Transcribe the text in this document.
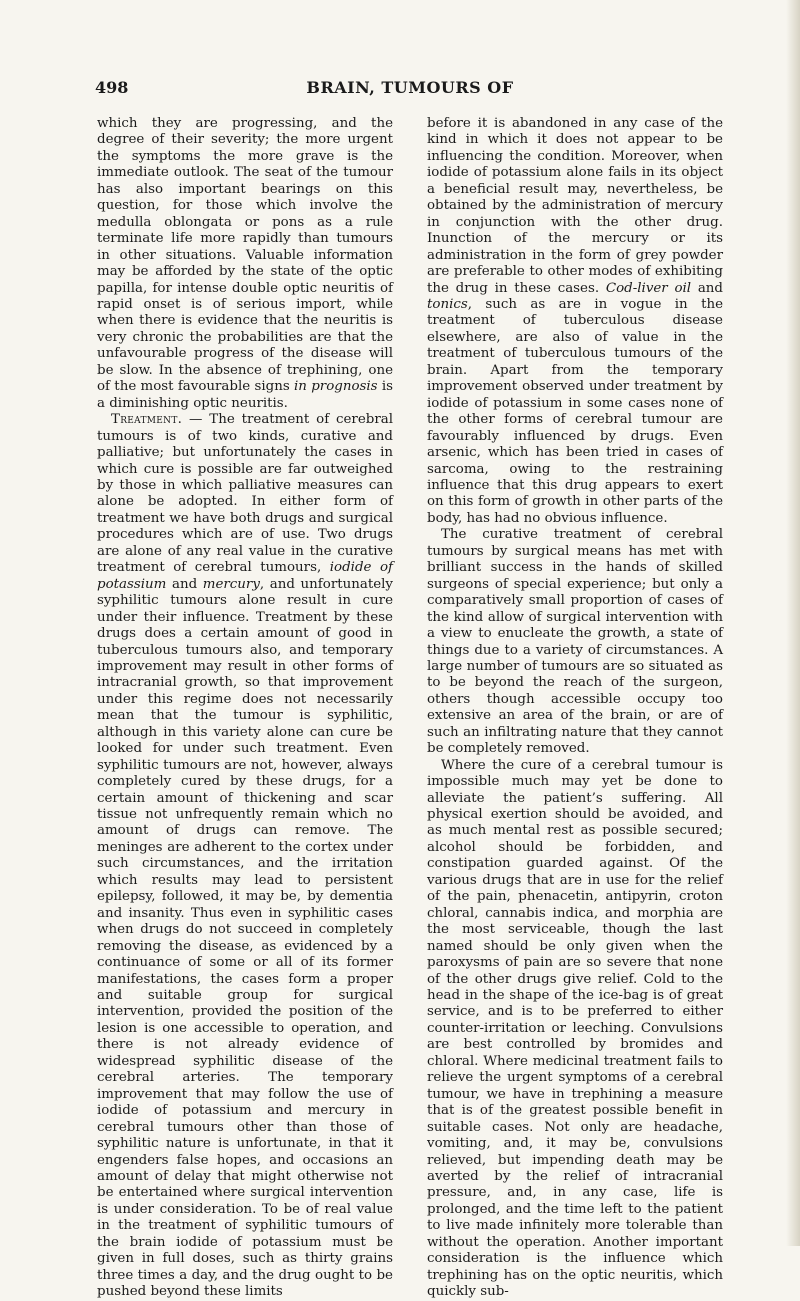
498	BRAIN, TUMOURS OF

which they are progressing, and the degree of their severity; the more urgent the symptoms the more grave is the immediate outlook. The seat of the tumour has also important bearings on this question, for those which involve the medulla oblongata or pons as a rule terminate life more rapidly than tumours in other situations. Valuable information may be afforded by the state of the optic papilla, for intense double optic neuritis of rapid onset is of serious import, while when there is evidence that the neuritis is very chronic the probabilities are that the unfavourable progress of the disease will be slow. In the absence of trephining, one of the most favourable signs in prognosis is a diminishing optic neuritis.

Treatment. — The treatment of cerebral tumours is of two kinds, curative and palliative; but unfortunately the cases in which cure is possible are far outweighed by those in which palliative measures can alone be adopted. In either form of treatment we have both drugs and surgical procedures which are of use. Two drugs are alone of any real value in the curative treatment of cerebral tumours, iodide of potassium and mercury, and unfortunately syphilitic tumours alone result in cure under their influence. Treatment by these drugs does a certain amount of good in tuberculous tumours also, and temporary improvement may result in other forms of intracranial growth, so that improvement under this regime does not necessarily mean that the tumour is syphilitic, although in this variety alone can cure be looked for under such treatment. Even syphilitic tumours are not, however, always completely cured by these drugs, for a certain amount of thickening and scar tissue not unfrequently remain which no amount of drugs can remove. The meninges are adherent to the cortex under such circumstances, and the irritation which results may lead to persistent epilepsy, followed, it may be, by dementia and insanity. Thus even in syphilitic cases when drugs do not succeed in completely removing the disease, as evidenced by a continuance of some or all of its former manifestations, the cases form a proper and suitable group for surgical intervention, provided the position of the lesion is one accessible to operation, and there is not already evidence of widespread syphilitic disease of the cerebral arteries. The temporary improvement that may follow the use of iodide of potassium and mercury in cerebral tumours other than those of syphilitic nature is unfortunate, in that it engenders false hopes, and occasions an amount of delay that might otherwise not be entertained where surgical intervention is under consideration. To be of real value in the treatment of syphilitic tumours of the brain iodide of potassium must be given in full doses, such as thirty grains three times a day, and the drug ought to be pushed beyond these limits

before it is abandoned in any case of the kind in which it does not appear to be influencing the condition. Moreover, when iodide of potassium alone fails in its object a beneficial result may, nevertheless, be obtained by the administration of mercury in conjunction with the other drug. Inunction of the mercury or its administration in the form of grey powder are preferable to other modes of exhibiting the drug in these cases. Cod-liver oil and tonics, such as are in vogue in the treatment of tuberculous disease elsewhere, are also of value in the treatment of tuberculous tumours of the brain. Apart from the temporary improvement observed under treatment by iodide of potassium in some cases none of the other forms of cerebral tumour are favourably influenced by drugs. Even arsenic, which has been tried in cases of sarcoma, owing to the restraining influence that this drug appears to exert on this form of growth in other parts of the body, has had no obvious influence.

The curative treatment of cerebral tumours by surgical means has met with brilliant success in the hands of skilled surgeons of special experience; but only a comparatively small proportion of cases of the kind allow of surgical intervention with a view to enucleate the growth, a state of things due to a variety of circumstances. A large number of tumours are so situated as to be beyond the reach of the surgeon, others though accessible occupy too extensive an area of the brain, or are of such an infiltrating nature that they cannot be completely removed.

Where the cure of a cerebral tumour is impossible much may yet be done to alleviate the patient’s suffering. All physical exertion should be avoided, and as much mental rest as possible secured; alcohol should be forbidden, and constipation guarded against. Of the various drugs that are in use for the relief of the pain, phenacetin, antipyrin, croton chloral, cannabis indica, and morphia are the most serviceable, though the last named should be only given when the paroxysms of pain are so severe that none of the other drugs give relief. Cold to the head in the shape of the ice-bag is of great service, and is to be preferred to either counter-irritation or leeching. Convulsions are best controlled by bromides and chloral. Where medicinal treatment fails to relieve the urgent symptoms of a cerebral tumour, we have in trephining a measure that is of the greatest possible benefit in suitable cases. Not only are headache, vomiting, and, it may be, convulsions relieved, but impending death may be averted by the relief of intracranial pressure, and, in any case, life is prolonged, and the time left to the patient to live made infinitely more tolerable than without the operation. Another important consideration is the influence which trephining has on the optic neuritis, which quickly sub-
